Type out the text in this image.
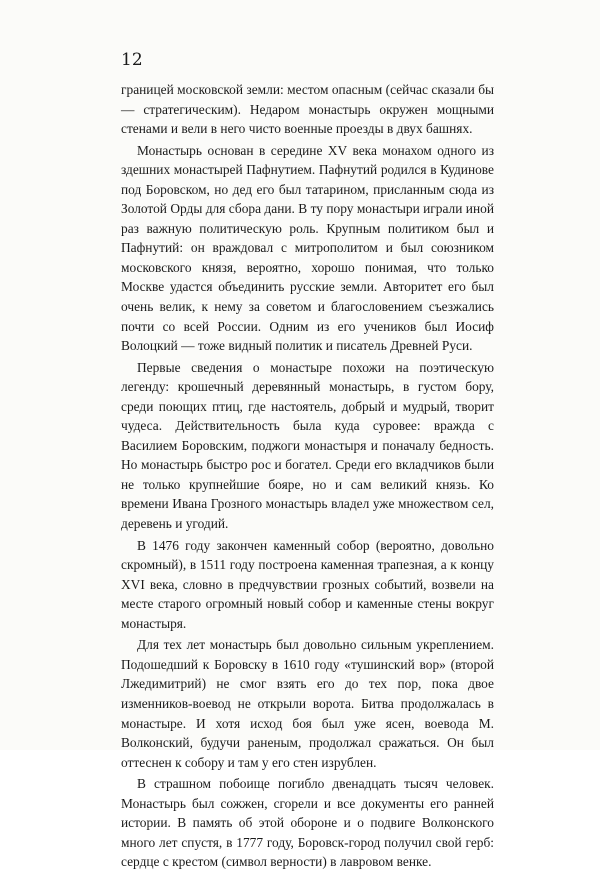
12

границей московской земли: местом опасным (сейчас сказали бы — стратегическим). Недаром монастырь окружен мощными стенами и вели в него чисто военные проезды в двух башнях.

Монастырь основан в середине XV века монахом одного из здешних монастырей Пафнутием. Пафнутий родился в Кудинове под Боровском, но дед его был татарином, присланным сюда из Золотой Орды для сбора дани. В ту пору монастыри играли иной раз важную политическую роль. Крупным политиком был и Пафнутий: он враждовал с митрополитом и был союзником московского князя, вероятно, хорошо понимая, что только Москве удастся объединить русские земли. Авторитет его был очень велик, к нему за советом и благословением съезжались почти со всей России. Одним из его учеников был Иосиф Волоцкий — тоже видный политик и писатель Древней Руси.

Первые сведения о монастыре похожи на поэтическую легенду: крошечный деревянный монастырь, в густом бору, среди поющих птиц, где настоятель, добрый и мудрый, творит чудеса. Действительность была куда суровее: вражда с Василием Боровским, поджоги монастыря и поначалу бедность. Но монастырь быстро рос и богател. Среди его вкладчиков были не только крупнейшие бояре, но и сам великий князь. Ко времени Ивана Грозного монастырь владел уже множеством сел, деревень и угодий.

В 1476 году закончен каменный собор (вероятно, довольно скромный), в 1511 году построена каменная трапезная, а к концу XVI века, словно в предчувствии грозных событий, возвели на месте старого огромный новый собор и каменные стены вокруг монастыря.

Для тех лет монастырь был довольно сильным укреплением. Подошедший к Боровску в 1610 году «тушинский вор» (второй Лжедимитрий) не смог взять его до тех пор, пока двое изменников-воевод не открыли ворота. Битва продолжалась в монастыре. И хотя исход боя был уже ясен, воевода М. Волконский, будучи раненым, продолжал сражаться. Он был оттеснен к собору и там у его стен изрублен.

В страшном побоище погибло двенадцать тысяч человек. Монастырь был сожжен, сгорели и все документы его ранней истории. В память об этой обороне и о подвиге Волконского много лет спустя, в 1777 году, Боровск-город получил свой герб: сердце с крестом (символ верности) в лавровом венке.
